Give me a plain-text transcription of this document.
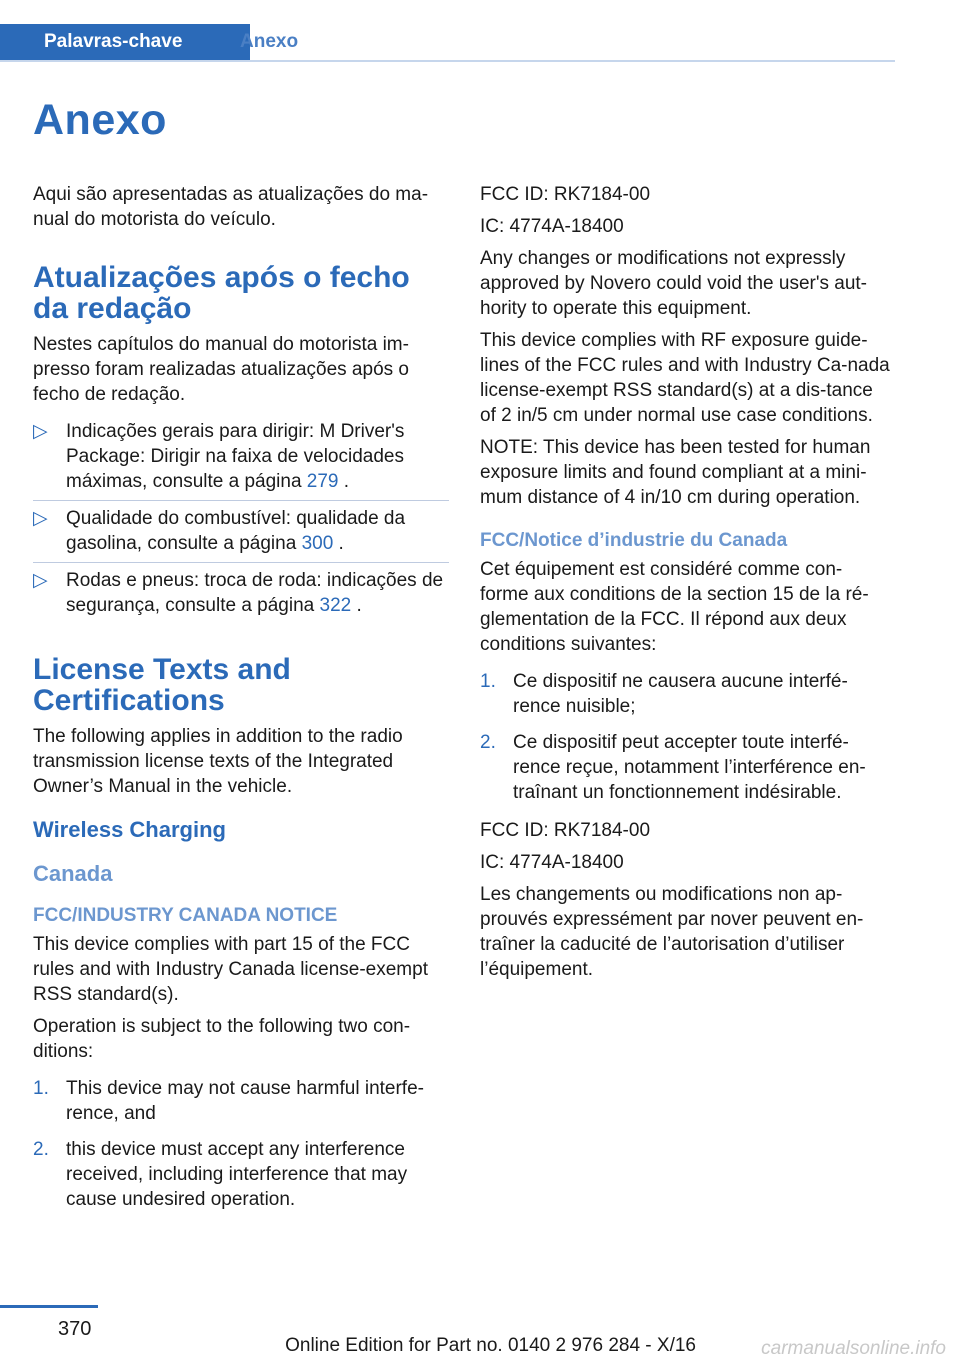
Palavras-chave	Anexo
Anexo

Aqui são apresentadas as atualizações do ma-nual do motorista do veículo.

Atualizações após o fecho da redação

Nestes capítulos do manual do motorista im-presso foram realizadas atualizações após o fecho de redação.

▷ Indicações gerais para dirigir: M Driver's Package: Dirigir na faixa de velocidades máximas, consulte a página 279 .
▷ Qualidade do combustível: qualidade da gasolina, consulte a página 300 .
▷ Rodas e pneus: troca de roda: indicações de segurança, consulte a página 322 .
License Texts and Certifications

The following applies in addition to the radio transmission license texts of the Integrated Owner’s Manual in the vehicle.

Wireless Charging
Canada
FCC/INDUSTRY CANADA NOTICE

This device complies with part 15 of the FCC rules and with Industry Canada license-exempt RSS standard(s).

Operation is subject to the following two con-ditions:

1. This device may not cause harmful interfe-rence, and
2. this device must accept any interference received, including interference that may cause undesired operation.

FCC ID: RK7184-00

IC: 4774A-18400

Any changes or modifications not expressly approved by Novero could void the user's aut-hority to operate this equipment.

This device complies with RF exposure guide-lines of the FCC rules and with Industry Ca-nada license-exempt RSS standard(s) at a dis-tance of 2 in/5 cm under normal use case conditions.

NOTE: This device has been tested for human exposure limits and found compliant at a mini-mum distance of 4 in/10 cm during operation.

FCC/Notice d’industrie du Canada

Cet équipement est considéré comme con-forme aux conditions de la section 15 de la ré-glementation de la FCC. Il répond aux deux conditions suivantes:

1. Ce dispositif ne causera aucune interfé-rence nuisible;
2. Ce dispositif peut accepter toute interfé-rence reçue, notamment l’interférence en-traînant un fonctionnement indésirable.

FCC ID: RK7184-00

IC: 4774A-18400

Les changements ou modifications non ap-prouvés expressément par nover peuvent en-traîner la caducité de l’autorisation d’utiliser l’équipement.

370
Online Edition for Part no. 0140 2 976 284 - X/16	carmanualsonline.info
